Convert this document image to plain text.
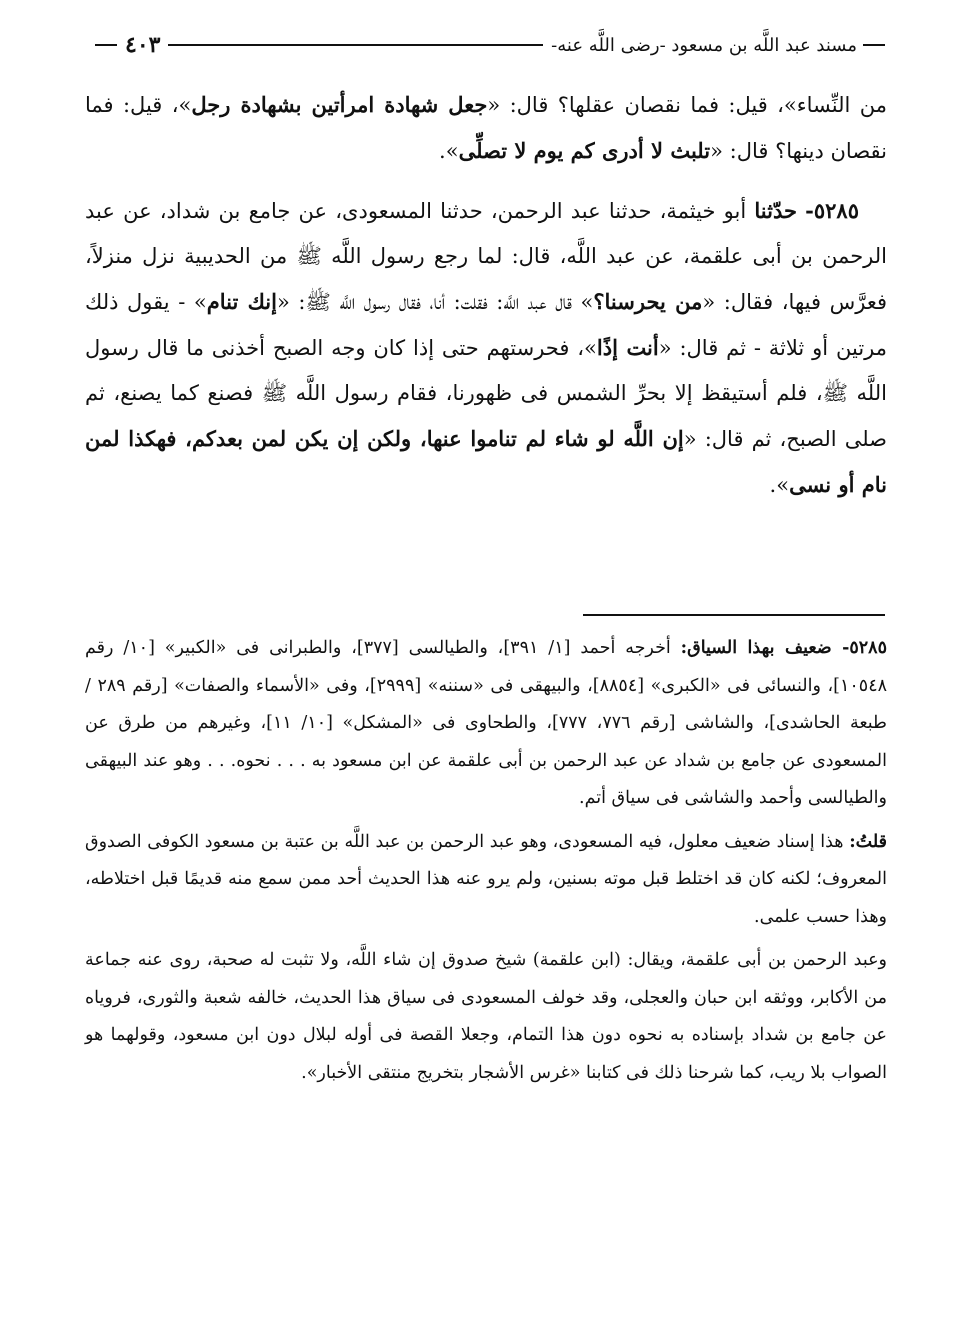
مسند عبد اللَّه بن مسعود -رضى اللَّه عنه-
٤٠٣

من النِّساء»، قيل: فما نقصان عقلها؟ قال: «جعل شهادة امرأتين بشهادة رجل»، قيل: فما نقصان دينها؟ قال: «تلبث لا أدرى كم يوم لا تصلِّى».

٥٢٨٥- حدّثنا أبو خيثمة، حدثنا عبد الرحمن، حدثنا المسعودى، عن جامع بن شداد، عن عبد الرحمن بن أبى علقمة، عن عبد اللَّه، قال: لما رجع رسول اللَّه ﷺ من الحديبية نزل منزلاً، فعرَّس فيها، فقال: «من يحرسنا؟» قال عبد اللَّه: فقلت: أنا، فقال رسول اللَّه ﷺ: «إنك تنام» - يقول ذلك مرتين أو ثلاثة - ثم قال: «أنت إذًا»، فحرستهم حتى إذا كان وجه الصبح أخذنى ما قال رسول اللَّه ﷺ، فلم أستيقظ إلا بحرِّ الشمس فى ظهورنا، فقام رسول اللَّه ﷺ فصنع كما يصنع، ثم صلى الصبح، ثم قال: «إن اللَّه لو شاء لم تناموا عنها، ولكن إن يكن لمن بعدكم، فهكذا لمن نام أو نسى».

٥٢٨٥- ضعيف بهذا السياق: أخرجه أحمد [١/ ٣٩١]، والطيالسى [٣٧٧]، والطبرانى فى «الكبير» [١٠/ رقم ١٠٥٤٨]، والنسائى فى «الكبرى» [٨٨٥٤]، والبيهقى فى «سننه» [٢٩٩٩]، وفى «الأسماء والصفات» [رقم ٢٨٩ / طبعة الحاشدى]، والشاشى [رقم ٧٧٦، ٧٧٧]، والطحاوى فى «المشكل» [١٠/ ١١]، وغيرهم من طرق عن المسعودى عن جامع بن شداد عن عبد الرحمن بن أبى علقمة عن ابن مسعود به . . . نحوه. . . وهو عند البيهقى والطيالسى وأحمد والشاشى فى سياق أتم.

قلتُ: هذا إسناد ضعيف معلول، فيه المسعودى، وهو عبد الرحمن بن عبد اللَّه بن عتبة بن مسعود الكوفى الصدوق المعروف؛ لكنه كان قد اختلط قبل موته بسنين، ولم يرو عنه هذا الحديث أحد ممن سمع منه قديمًا قبل اختلاطه، وهذا حسب علمى.

وعبد الرحمن بن أبى علقمة، ويقال: (ابن علقمة) شيخ صدوق إن شاء اللَّه، ولا تثبت له صحبة، روى عنه جماعة من الأكابر، ووثقه ابن حبان والعجلى، وقد خولف المسعودى فى سياق هذا الحديث، خالفه شعبة والثورى، فروياه عن جامع بن شداد بإسناده به نحوه دون هذا التمام، وجعلا القصة فى أوله لبلال دون ابن مسعود، وقولهما هو الصواب بلا ريب، كما شرحنا ذلك فى كتابنا «غرس الأشجار بتخريج منتقى الأخبار».
